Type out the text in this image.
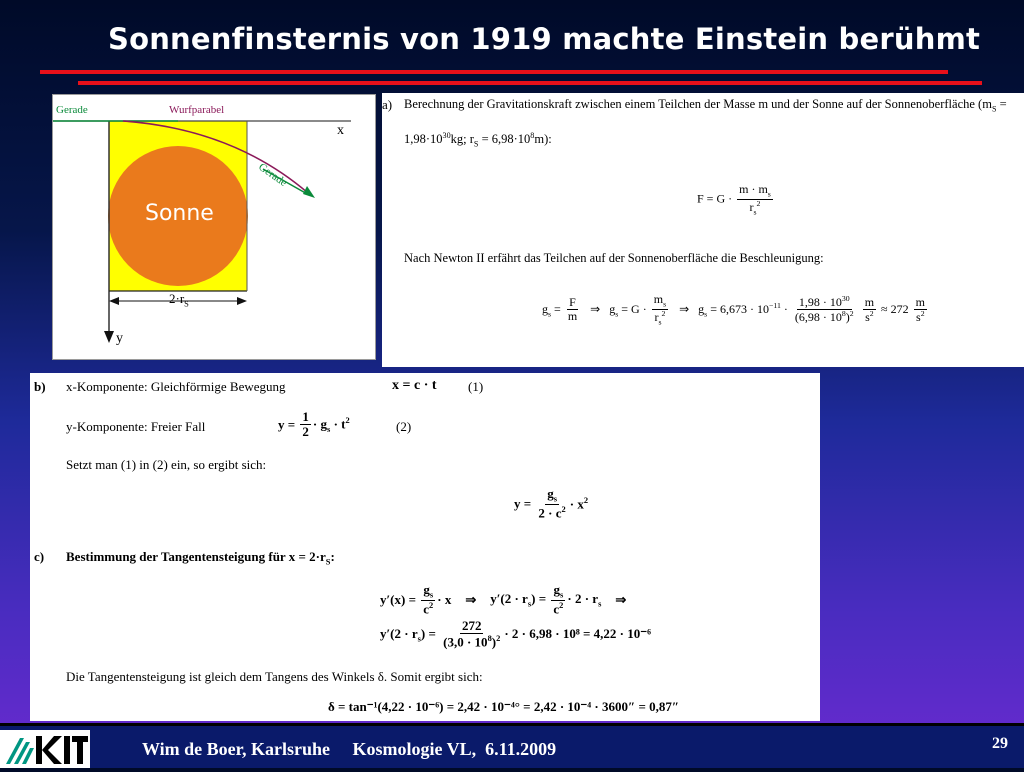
Sonnenfinsternis von 1919 machte Einstein berühmt
Gerade	Wurfparabel
Gerade
x
y
Sonne
$2\cdot r_S$
a) Berechnung der Gravitationskraft zwischen einem Teilchen der Masse m und der Sonne auf der Sonnenoberfläche ($m_S$ =
$1,98\cdot 10^{30}kg$; $r_S = 6,98\cdot 10^8m$):
$F = G \cdot \frac{m \cdot m_s}{r_s^2}$
Nach Newton II erfährt das Teilchen auf der Sonnenoberfläche die Beschleunigung:
$g_s = \frac{F}{m}$ ⇒ $g_s = G \cdot \frac{m_s}{r_s^2}$ ⇒ $g_s = 6,673 \cdot 10^{-11} \cdot \frac{1,98 \cdot 10^{30}}{(6,98 \cdot 10^8)^2} \frac{m}{s^2} \approx 272 \frac{m}{s^2}$
b) x-Komponente: Gleichförmige Bewegung	x = c · t (1)
y-Komponente: Freier Fall	$y = \frac{1}{2} \cdot g_s \cdot t^2$	(2)
Setzt man (1) in (2) ein, so ergibt sich:
$y = \frac{g_s}{2 \cdot c^2} \cdot x^2$
c) Bestimmung der Tangentensteigung für $x = 2\cdot r_S$:
$y'(x) = \frac{g_s}{c^2} \cdot x$ ⇒ $y'(2 \cdot r_s) = \frac{g_s}{c^2} \cdot 2 \cdot r_s$ ⇒
$y'(2 \cdot r_s) = \frac{272}{(3,0 \cdot 10^8)^2} \cdot 2 \cdot 6,98 \cdot 10^8 = 4,22 \cdot 10^{-6}$
Die Tangentensteigung ist gleich dem Tangens des Winkels δ. Somit ergibt sich:
δ = tan⁻¹(4,22 · 10⁻⁶) = 2,42 · 10⁻⁴° = 2,42 · 10⁻⁴ · 3600″ = 0,87″
Wim de Boer, Karlsruhe     Kosmologie VL,  6.11.2009	29
